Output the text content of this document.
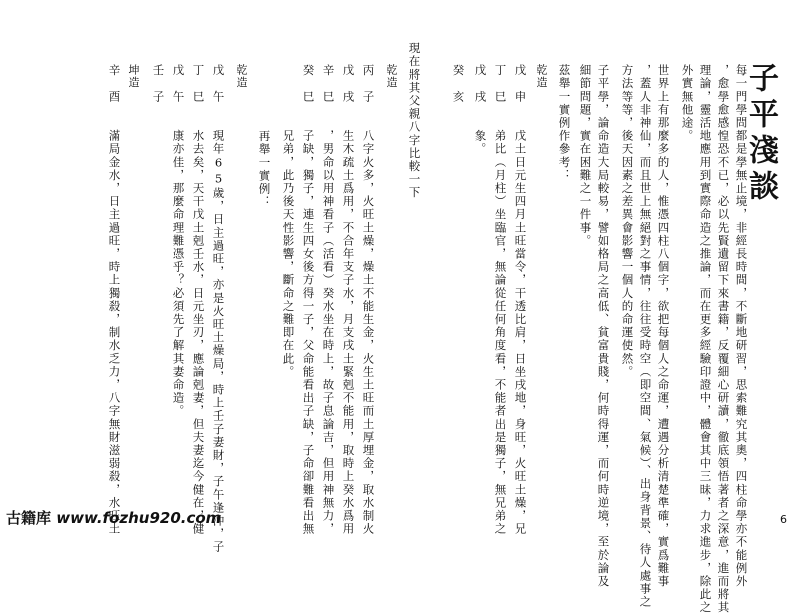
子平淺談
每一門學問都是學無止境，非經長時間，不斷地研習，思索難究其奧，四柱命學亦不能例外
，愈學愈感惶恐不已，必以先賢遺留下來書籍，反覆細心研讀，徹底領悟著者之深意，進而將其
理論，靈活地應用到實際命造之推論，而在更多經驗印證中，體會其中三昧，力求進步，除此之
外實無他途。
世界上有那麼多的人，惟憑四柱八個字，欲把每個人之命運，遭遇分析清楚準確，實爲難事
，蓋人非神仙，而且世上無絕對之事情，往往受時空（即空間、氣候）、出身背景、待人處事之
方法等等，後天因素之差異會影響一個人的命運使然。
子平學，論命造大局較易，譬如格局之高低、貧富貴賤，何時得運，而何時逆境，至於論及
細節問題，實在困難之一件事。
茲舉一實例作參考：
乾造
戊　申　　戊土日元生四月土旺當令，干透比肩，日坐戌地，身旺，火旺土燥，兄
丁　巳　　弟比（月柱）坐臨官，無論從任何角度看，不能者出是獨子，無兄弟之
戊　戌　　象。
癸　亥
現在將其父親八字比較一下
乾造
丙　子　　八字火多，火旺土燥，燥土不能生金，火生土旺而土厚埋金，取水制火
戊　戌　　生木疏土爲用，不合年支子水，月支戌土緊剋不能用，取時上癸水爲用
辛　巳　　，男命以用神看子（活看）癸水坐在時上，故子息論吉，但用神無力，
癸　巳　　子缺，獨子，連生四女後方得一子，父命能看出子缺，子命卻難看出無
　　　　　兄弟，此乃後天性影響，斷命之難即在此。
再舉一實例：
乾造
戊　午　　現年65歲，日主過旺，亦是火旺土燥局，時上壬子妻財，子午逢沖，子
丁　巳　　水去矣，天干戊土剋壬水，日元坐刃，應論剋妻，但夫妻迄今健在，健
戊　午　　康亦佳，那麼命理難憑乎？必須先了解其妻命造。
壬　子
坤造
辛　酉　　滿局金水，日主過旺，時上獨殺，制水乏力，八字無財滋弱殺，水旺土
古籍库 www.fozhu920.com	6
